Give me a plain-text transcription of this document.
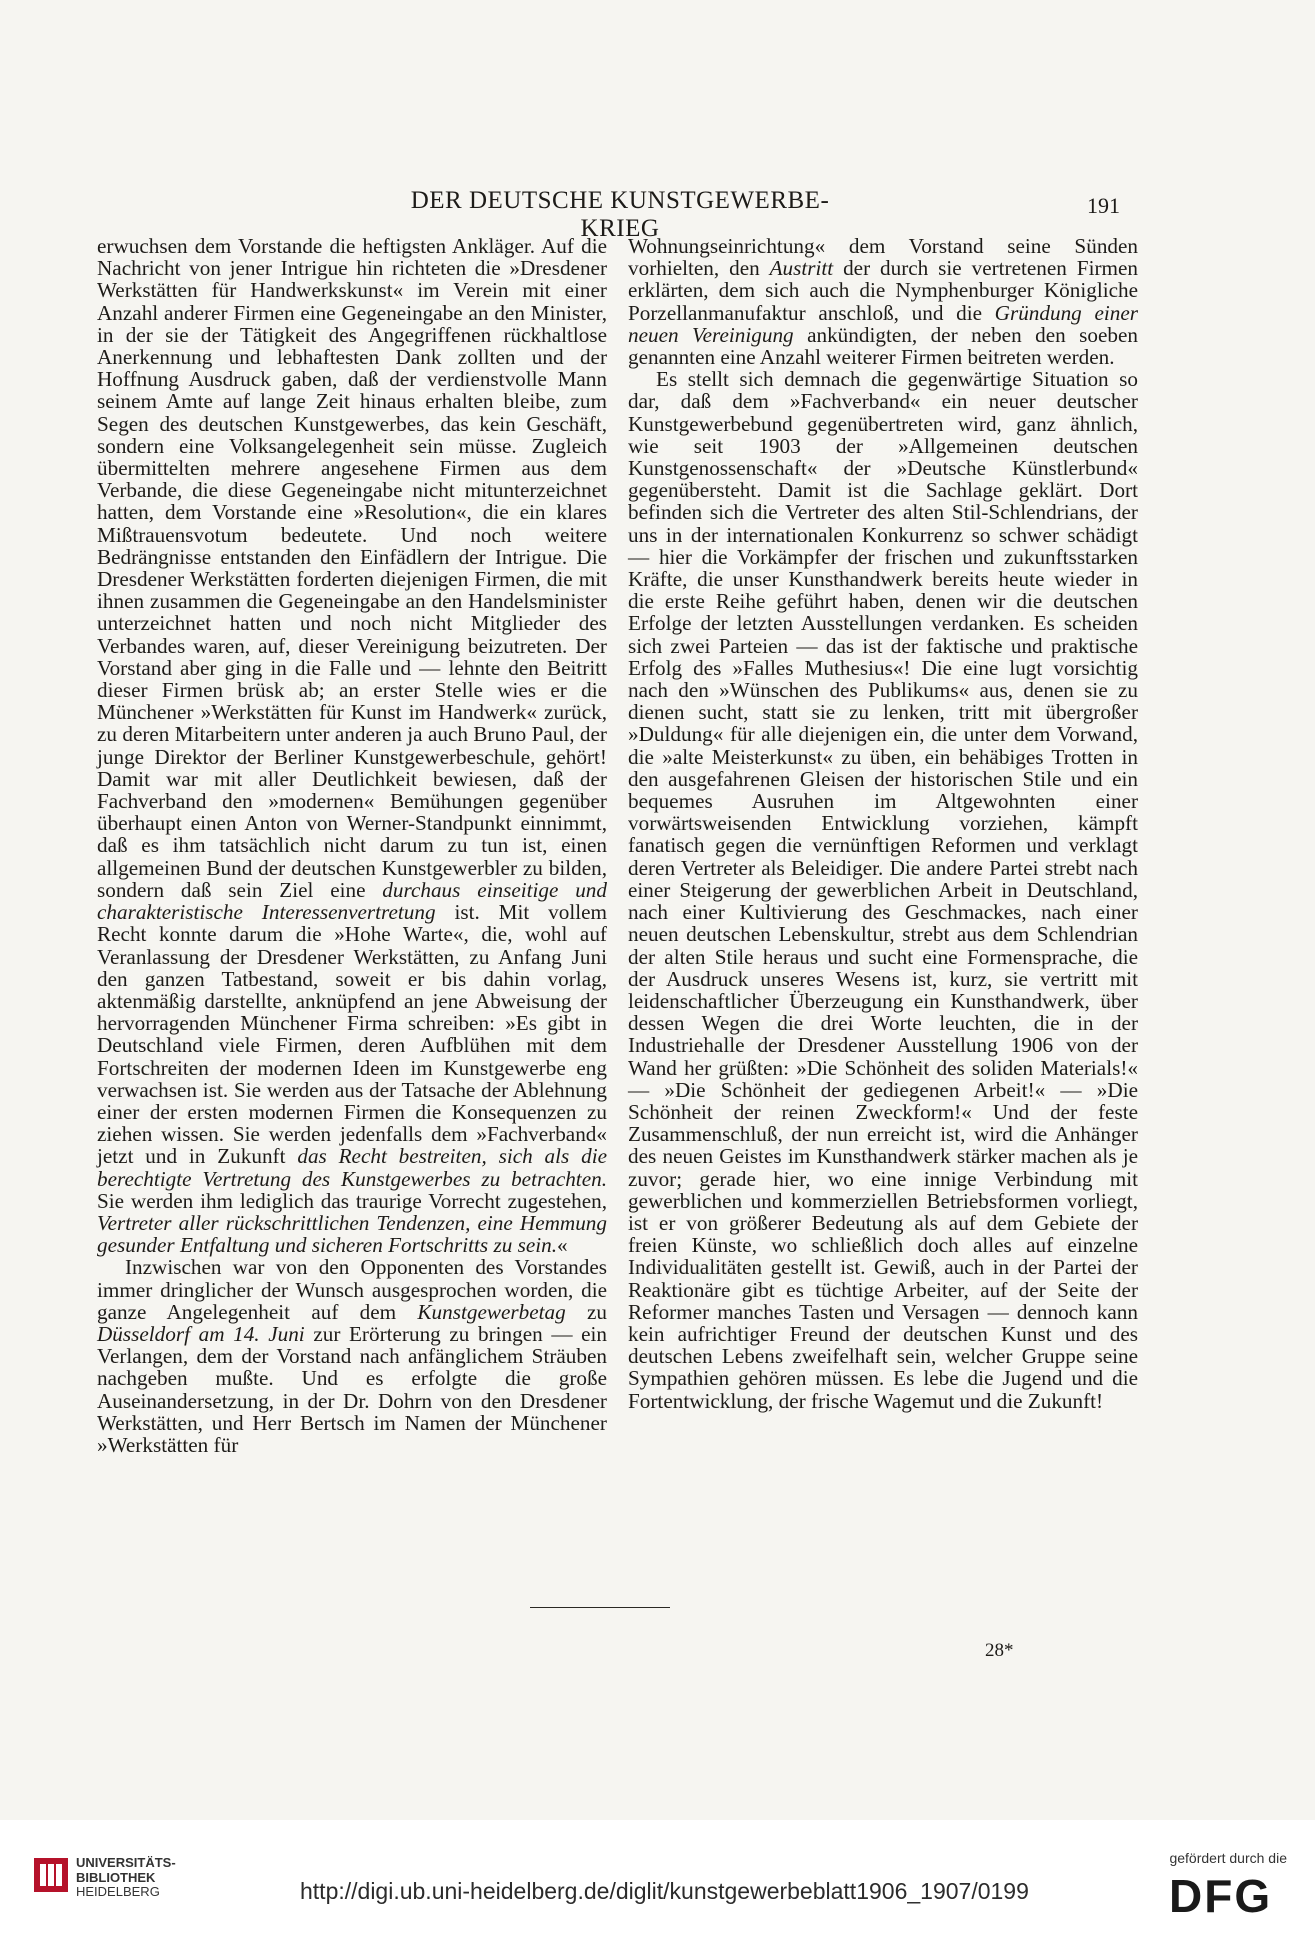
DER DEUTSCHE KUNSTGEWERBE-KRIEG
191

erwuchsen dem Vorstande die heftigsten Ankläger. Auf die Nachricht von jener Intrigue hin richteten die »Dresdener Werkstätten für Handwerkskunst« im Verein mit einer Anzahl anderer Firmen eine Gegeneingabe an den Minister, in der sie der Tätigkeit des Angegriffenen rückhaltlose Anerkennung und lebhaftesten Dank zollten und der Hoffnung Ausdruck gaben, daß der verdienstvolle Mann seinem Amte auf lange Zeit hinaus erhalten bleibe, zum Segen des deutschen Kunstgewerbes, das kein Geschäft, sondern eine Volksangelegenheit sein müsse. Zugleich übermittelten mehrere angesehene Firmen aus dem Verbande, die diese Gegeneingabe nicht mitunterzeichnet hatten, dem Vorstande eine »Resolution«, die ein klares Mißtrauensvotum bedeutete. Und noch weitere Bedrängnisse entstanden den Einfädlern der Intrigue. Die Dresdener Werkstätten forderten diejenigen Firmen, die mit ihnen zusammen die Gegeneingabe an den Handelsminister unterzeichnet hatten und noch nicht Mitglieder des Verbandes waren, auf, dieser Vereinigung beizutreten. Der Vorstand aber ging in die Falle und — lehnte den Beitritt dieser Firmen brüsk ab; an erster Stelle wies er die Münchener »Werkstätten für Kunst im Handwerk« zurück, zu deren Mitarbeitern unter anderen ja auch Bruno Paul, der junge Direktor der Berliner Kunstgewerbeschule, gehört! Damit war mit aller Deutlichkeit bewiesen, daß der Fachverband den »modernen« Bemühungen gegenüber überhaupt einen Anton von Werner-Standpunkt einnimmt, daß es ihm tatsächlich nicht darum zu tun ist, einen allgemeinen Bund der deutschen Kunstgewerbler zu bilden, sondern daß sein Ziel eine durchaus einseitige und charakteristische Interessenvertretung ist. Mit vollem Recht konnte darum die »Hohe Warte«, die, wohl auf Veranlassung der Dresdener Werkstätten, zu Anfang Juni den ganzen Tatbestand, soweit er bis dahin vorlag, aktenmäßig darstellte, anknüpfend an jene Abweisung der hervorragenden Münchener Firma schreiben: »Es gibt in Deutschland viele Firmen, deren Aufblühen mit dem Fortschreiten der modernen Ideen im Kunstgewerbe eng verwachsen ist. Sie werden aus der Tatsache der Ablehnung einer der ersten modernen Firmen die Konsequenzen zu ziehen wissen. Sie werden jedenfalls dem »Fachverband« jetzt und in Zukunft das Recht bestreiten, sich als die berechtigte Vertretung des Kunstgewerbes zu betrachten. Sie werden ihm lediglich das traurige Vorrecht zugestehen, Vertreter aller rückschrittlichen Tendenzen, eine Hemmung gesunder Entfaltung und sicheren Fortschritts zu sein.«

Inzwischen war von den Opponenten des Vorstandes immer dringlicher der Wunsch ausgesprochen worden, die ganze Angelegenheit auf dem Kunstgewerbetag zu Düsseldorf am 14. Juni zur Erörterung zu bringen — ein Verlangen, dem der Vorstand nach anfänglichem Sträuben nachgeben mußte. Und es erfolgte die große Auseinandersetzung, in der Dr. Dohrn von den Dresdener Werkstätten, und Herr Bertsch im Namen der Münchener »Werkstätten für

Wohnungseinrichtung« dem Vorstand seine Sünden vorhielten, den Austritt der durch sie vertretenen Firmen erklärten, dem sich auch die Nymphenburger Königliche Porzellanmanufaktur anschloß, und die Gründung einer neuen Vereinigung ankündigten, der neben den soeben genannten eine Anzahl weiterer Firmen beitreten werden.

Es stellt sich demnach die gegenwärtige Situation so dar, daß dem »Fachverband« ein neuer deutscher Kunstgewerbebund gegenübertreten wird, ganz ähnlich, wie seit 1903 der »Allgemeinen deutschen Kunstgenossenschaft« der »Deutsche Künstlerbund« gegenübersteht. Damit ist die Sachlage geklärt. Dort befinden sich die Vertreter des alten Stil-Schlendrians, der uns in der internationalen Konkurrenz so schwer schädigt — hier die Vorkämpfer der frischen und zukunftsstarken Kräfte, die unser Kunsthandwerk bereits heute wieder in die erste Reihe geführt haben, denen wir die deutschen Erfolge der letzten Ausstellungen verdanken. Es scheiden sich zwei Parteien — das ist der faktische und praktische Erfolg des »Falles Muthesius«! Die eine lugt vorsichtig nach den »Wünschen des Publikums« aus, denen sie zu dienen sucht, statt sie zu lenken, tritt mit übergroßer »Duldung« für alle diejenigen ein, die unter dem Vorwand, die »alte Meisterkunst« zu üben, ein behäbiges Trotten in den ausgefahrenen Gleisen der historischen Stile und ein bequemes Ausruhen im Altgewohnten einer vorwärtsweisenden Entwicklung vorziehen, kämpft fanatisch gegen die vernünftigen Reformen und verklagt deren Vertreter als Beleidiger. Die andere Partei strebt nach einer Steigerung der gewerblichen Arbeit in Deutschland, nach einer Kultivierung des Geschmackes, nach einer neuen deutschen Lebenskultur, strebt aus dem Schlendrian der alten Stile heraus und sucht eine Formensprache, die der Ausdruck unseres Wesens ist, kurz, sie vertritt mit leidenschaftlicher Überzeugung ein Kunsthandwerk, über dessen Wegen die drei Worte leuchten, die in der Industriehalle der Dresdener Ausstellung 1906 von der Wand her grüßten: »Die Schönheit des soliden Materials!« — »Die Schönheit der gediegenen Arbeit!« — »Die Schönheit der reinen Zweckform!« Und der feste Zusammenschluß, der nun erreicht ist, wird die Anhänger des neuen Geistes im Kunsthandwerk stärker machen als je zuvor; gerade hier, wo eine innige Verbindung mit gewerblichen und kommerziellen Betriebsformen vorliegt, ist er von größerer Bedeutung als auf dem Gebiete der freien Künste, wo schließlich doch alles auf einzelne Individualitäten gestellt ist. Gewiß, auch in der Partei der Reaktionäre gibt es tüchtige Arbeiter, auf der Seite der Reformer manches Tasten und Versagen — dennoch kann kein aufrichtiger Freund der deutschen Kunst und des deutschen Lebens zweifelhaft sein, welcher Gruppe seine Sympathien gehören müssen. Es lebe die Jugend und die Fortentwicklung, der frische Wagemut und die Zukunft!

28*
UNIVERSITÄTS-
BIBLIOTHEK
HEIDELBERG	http://digi.ub.uni-heidelberg.de/diglit/kunstgewerbeblatt1906_1907/0199
gefördert durch die
DFG
